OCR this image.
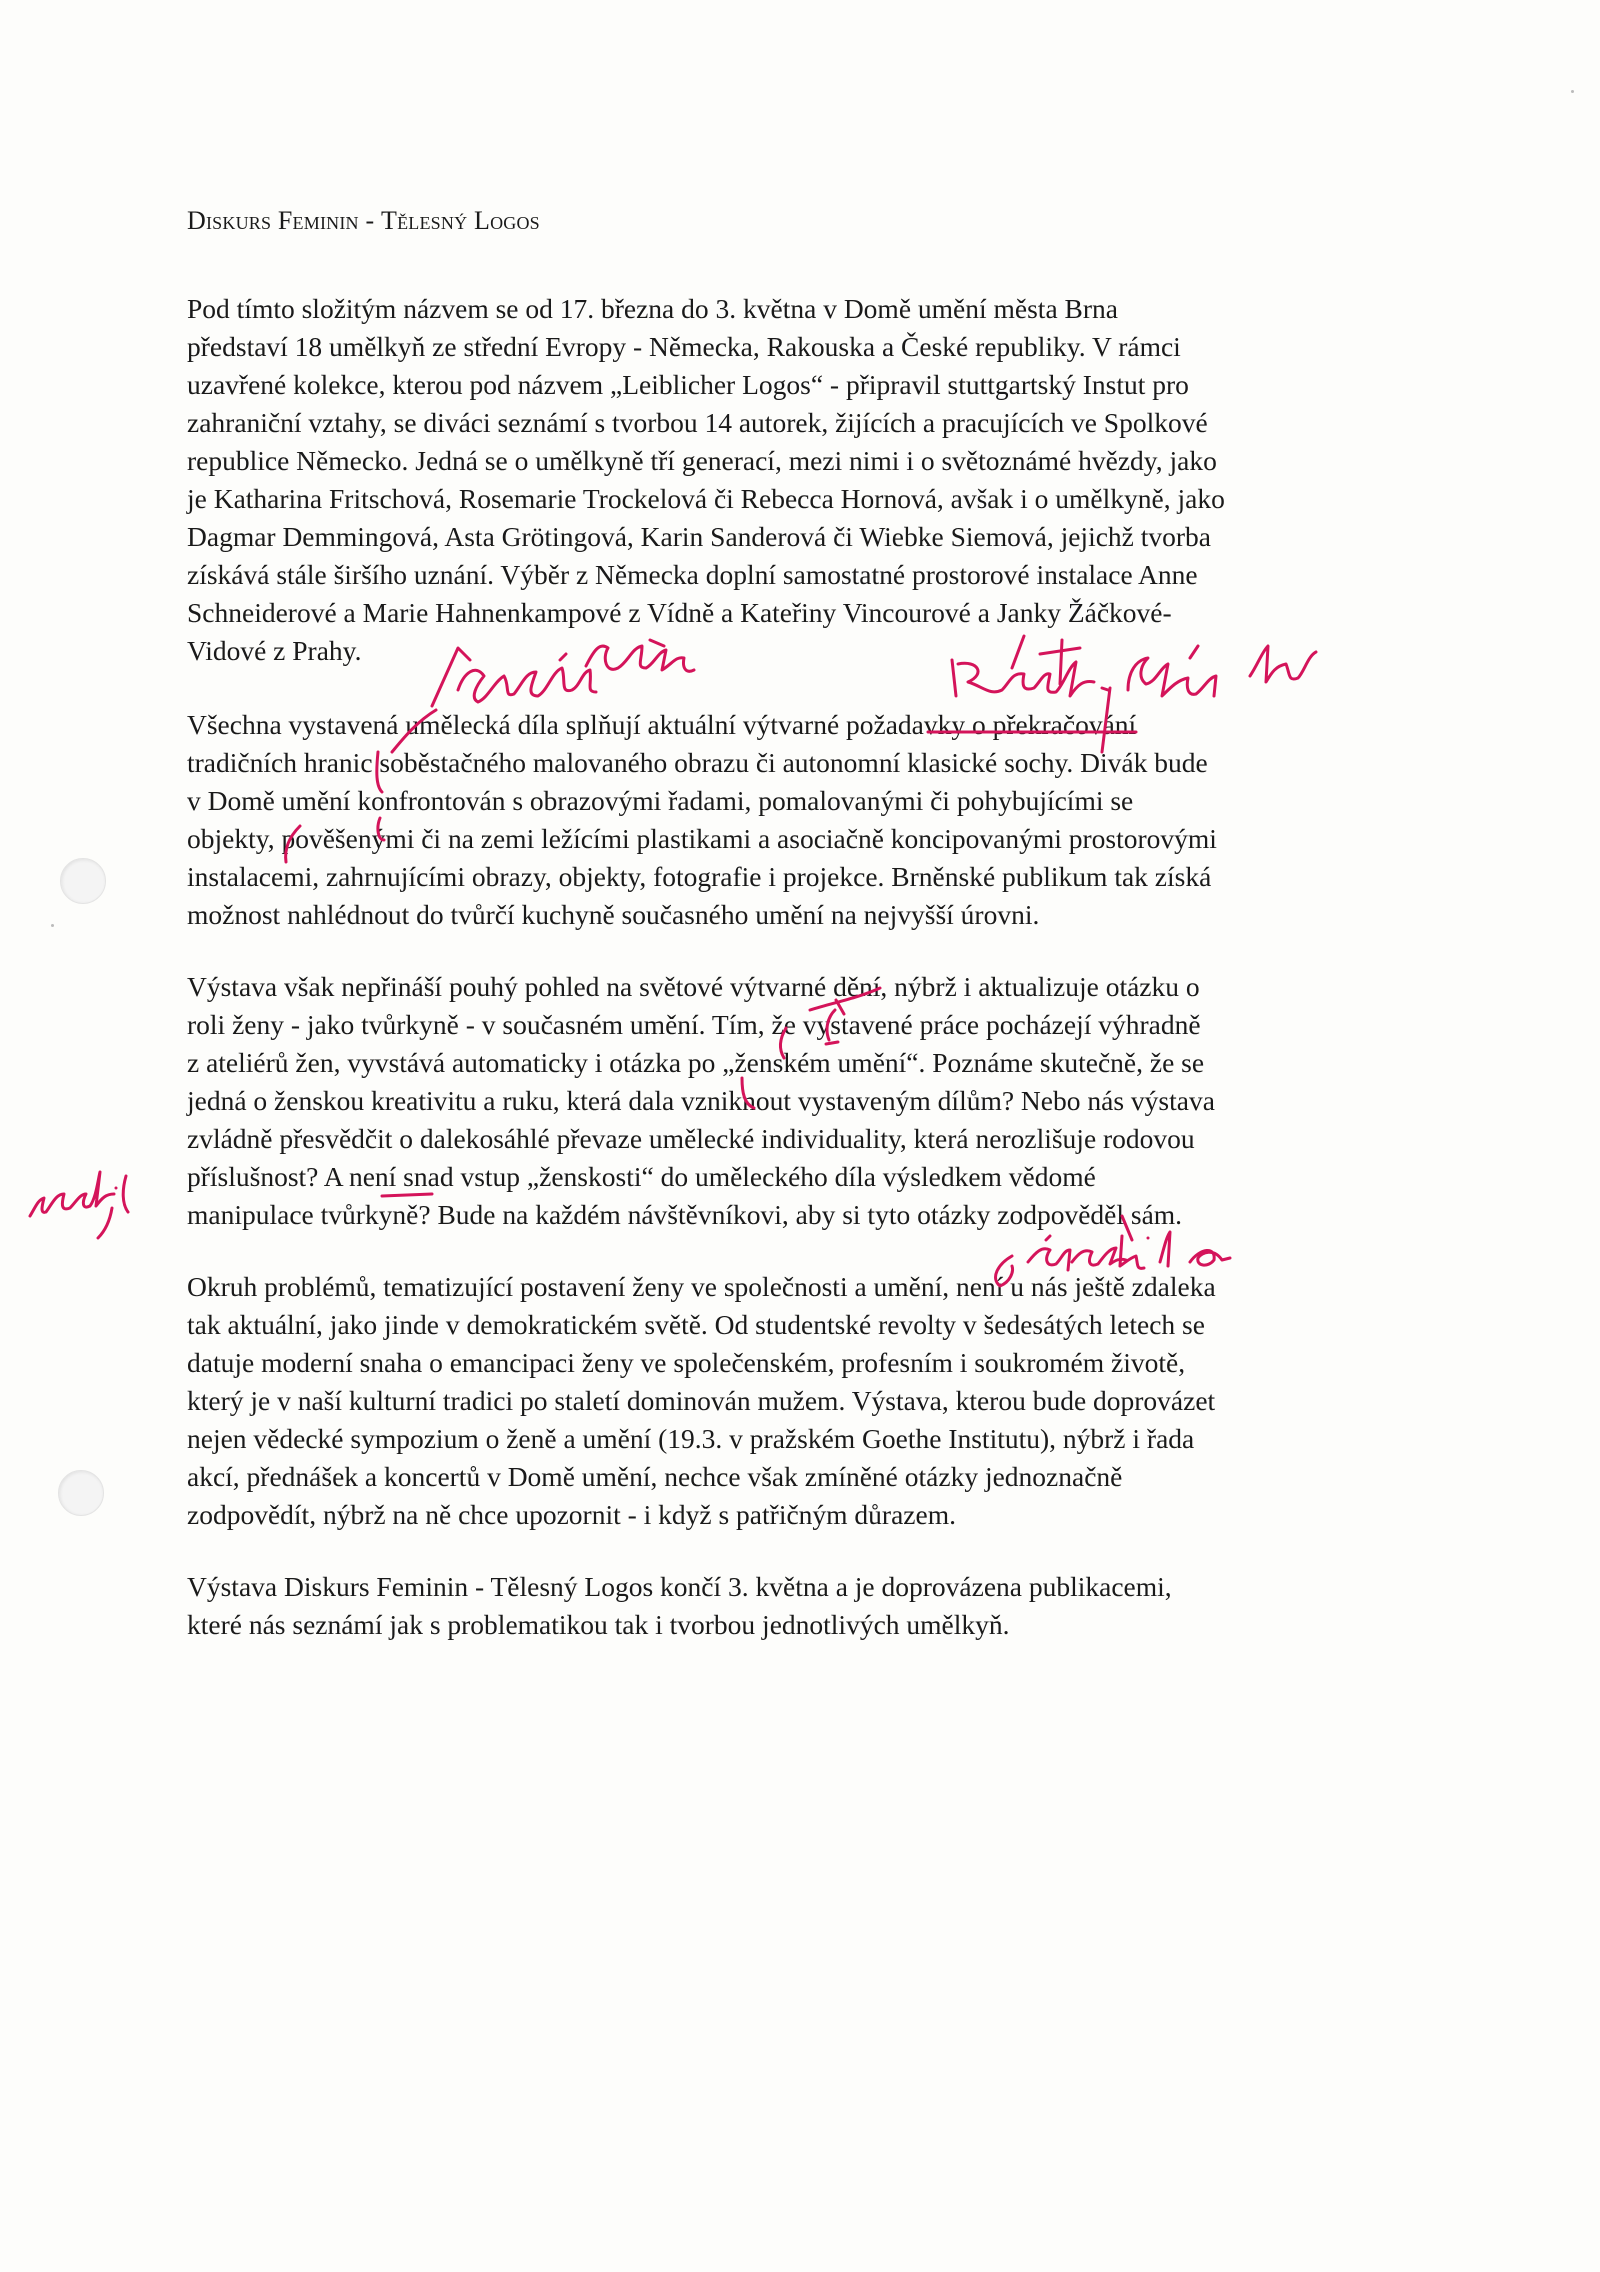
Diskurs Feminin - Tělesný Logos
Pod tímto složitým názvem se od 17. března do 3. května v Domě umění města Brna
představí 18 umělkyň ze střední Evropy - Německa, Rakouska a České republiky. V rámci
uzavřené kolekce, kterou pod názvem „Leiblicher Logos“ - připravil stuttgartský Instut pro
zahraniční vztahy, se diváci seznámí s tvorbou 14 autorek, žijících a pracujících ve Spolkové
republice Německo. Jedná se o umělkyně tří generací, mezi nimi i o světoznámé hvězdy, jako
je Katharina Fritschová, Rosemarie Trockelová či Rebecca Hornová, avšak i o umělkyně, jako
Dagmar Demmingová, Asta Grötingová, Karin Sanderová či Wiebke Siemová, jejichž tvorba
získává stále širšího uznání. Výběr z Německa doplní samostatné prostorové instalace Anne
Schneiderové a Marie Hahnenkampové z Vídně a Kateřiny Vincourové a Janky Žáčkové-
Vidové z Prahy.
Všechna vystavená umělecká díla splňují aktuální výtvarné požadavky o překračování
tradičních hranic soběstačného malovaného obrazu či autonomní klasické sochy. Divák bude
v Domě umění konfrontován s obrazovými řadami, pomalovanými či pohybujícími se
objekty, pověšenými či na zemi ležícími plastikami a asociačně koncipovanými prostorovými
instalacemi, zahrnujícími obrazy, objekty, fotografie i projekce. Brněnské publikum tak získá
možnost nahlédnout do tvůrčí kuchyně současného umění na nejvyšší úrovni.
Výstava však nepřináší pouhý pohled na světové výtvarné dění, nýbrž i aktualizuje otázku o
roli ženy - jako tvůrkyně - v současném umění. Tím, že vystavené práce pocházejí výhradně
z ateliérů žen, vyvstává automaticky i otázka po „ženském umění“. Poznáme skutečně, že se
jedná o ženskou kreativitu a ruku, která dala vzniknout vystaveným dílům? Nebo nás výstava
zvládně přesvědčit o dalekosáhlé převaze umělecké individuality, která nerozlišuje rodovou
příslušnost? A není snad vstup „ženskosti“ do uměleckého díla výsledkem vědomé
manipulace tvůrkyně? Bude na každém návštěvníkovi, aby si tyto otázky zodpověděl sám.
Okruh problémů, tematizující postavení ženy ve společnosti a umění, není u nás ještě zdaleka
tak aktuální, jako jinde v demokratickém světě. Od studentské revolty v šedesátých letech se
datuje moderní snaha o emancipaci ženy ve společenském, profesním i soukromém životě,
který je v naší kulturní tradici po staletí dominován mužem. Výstava, kterou bude doprovázet
nejen vědecké sympozium o ženě a umění (19.3. v pražském Goethe Institutu), nýbrž i řada
akcí, přednášek a koncertů v Domě umění, nechce však zmíněné otázky jednoznačně
zodpovědít, nýbrž na ně chce upozornit - i když s patřičným důrazem.
Výstava Diskurs Feminin - Tělesný Logos končí 3. května a je doprovázena publikacemi,
které nás seznámí jak s problematikou tak i tvorbou jednotlivých umělkyň.
